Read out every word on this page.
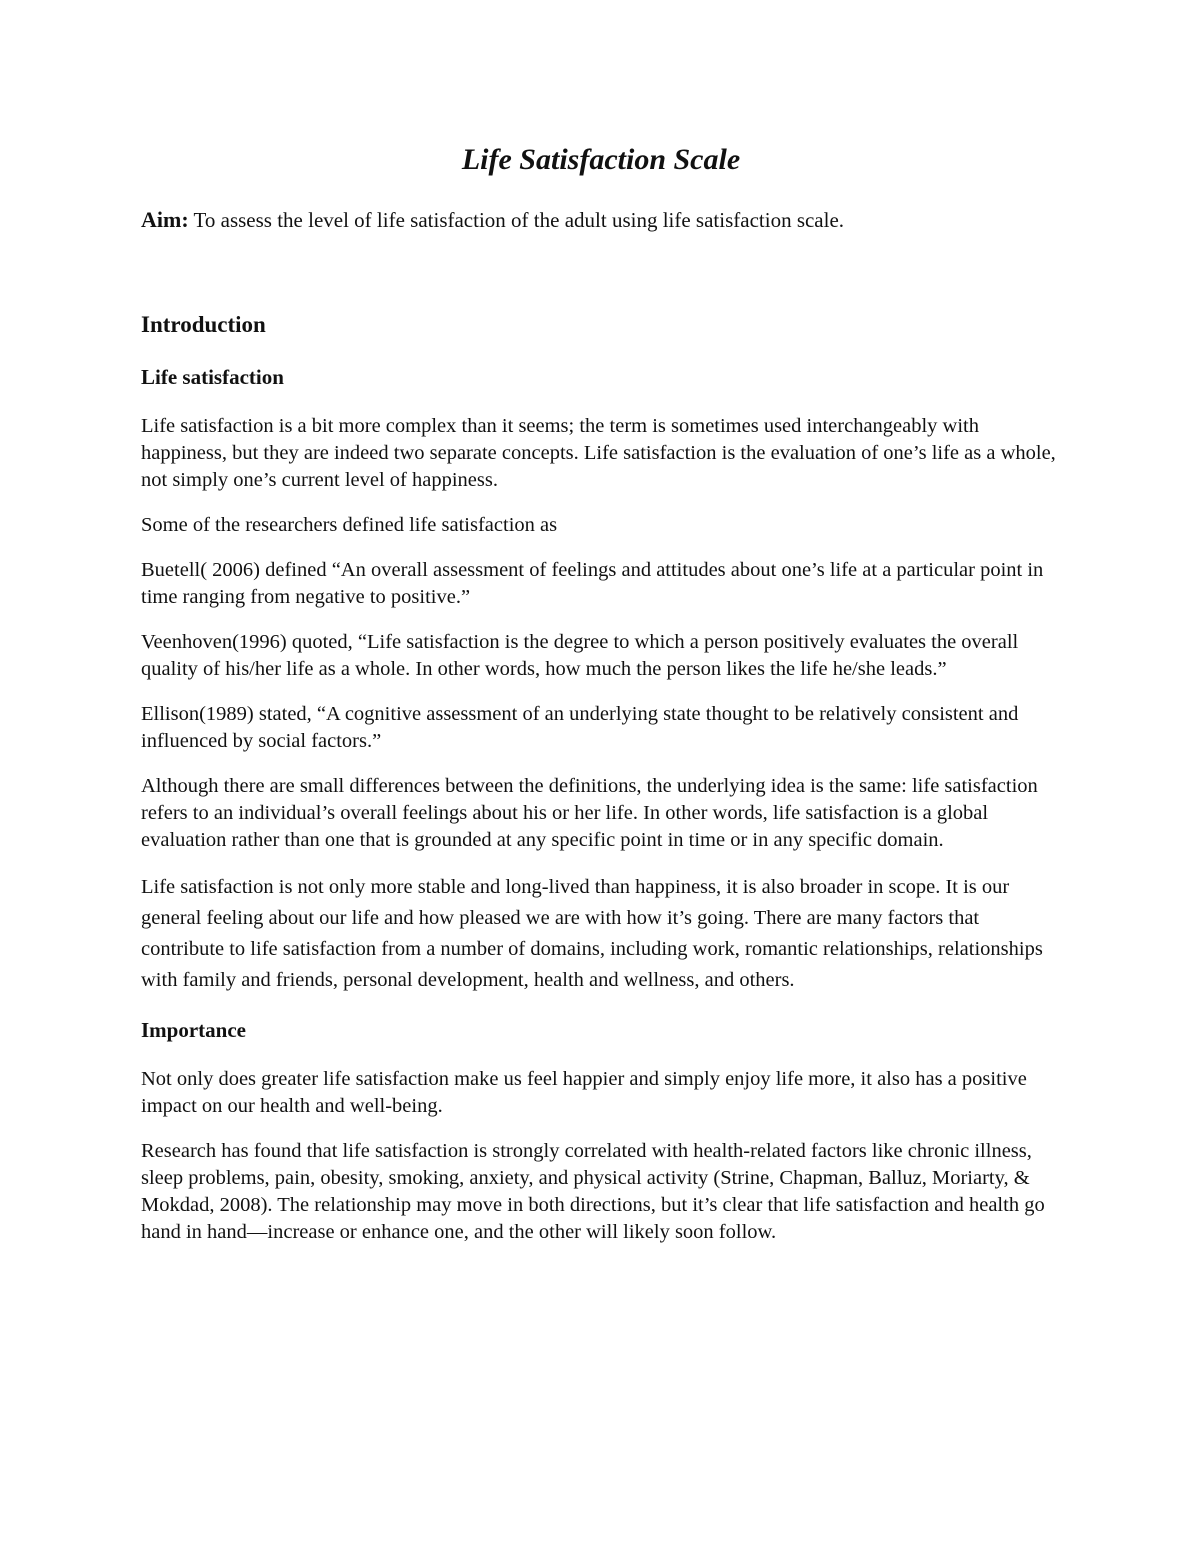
Life Satisfaction Scale
Aim: To assess the level of life satisfaction of the adult using life satisfaction scale.
Introduction
Life satisfaction

Life satisfaction is a bit more complex than it seems; the term is sometimes used interchangeably with happiness, but they are indeed two separate concepts. Life satisfaction is the evaluation of one’s life as a whole, not simply one’s current level of happiness.

Some of the researchers defined life satisfaction as

Buetell( 2006) defined “An overall assessment of feelings and attitudes about one’s life at a particular point in time ranging from negative to positive.”

Veenhoven(1996) quoted, “Life satisfaction is the degree to which a person positively evaluates the overall quality of his/her life as a whole. In other words, how much the person likes the life he/she leads.”

Ellison(1989) stated, “A cognitive assessment of an underlying state thought to be relatively consistent and influenced by social factors.”

Although there are small differences between the definitions, the underlying idea is the same: life satisfaction refers to an individual’s overall feelings about his or her life. In other words, life satisfaction is a global evaluation rather than one that is grounded at any specific point in time or in any specific domain.

Life satisfaction is not only more stable and long-lived than happiness, it is also broader in scope. It is our general feeling about our life and how pleased we are with how it’s going. There are many factors that contribute to life satisfaction from a number of domains, including work, romantic relationships, relationships with family and friends, personal development, health and wellness, and others.

Importance

Not only does greater life satisfaction make us feel happier and simply enjoy life more, it also has a positive impact on our health and well-being.

Research has found that life satisfaction is strongly correlated with health-related factors like chronic illness, sleep problems, pain, obesity, smoking, anxiety, and physical activity (Strine, Chapman, Balluz, Moriarty, & Mokdad, 2008). The relationship may move in both directions, but it’s clear that life satisfaction and health go hand in hand—increase or enhance one, and the other will likely soon follow.
